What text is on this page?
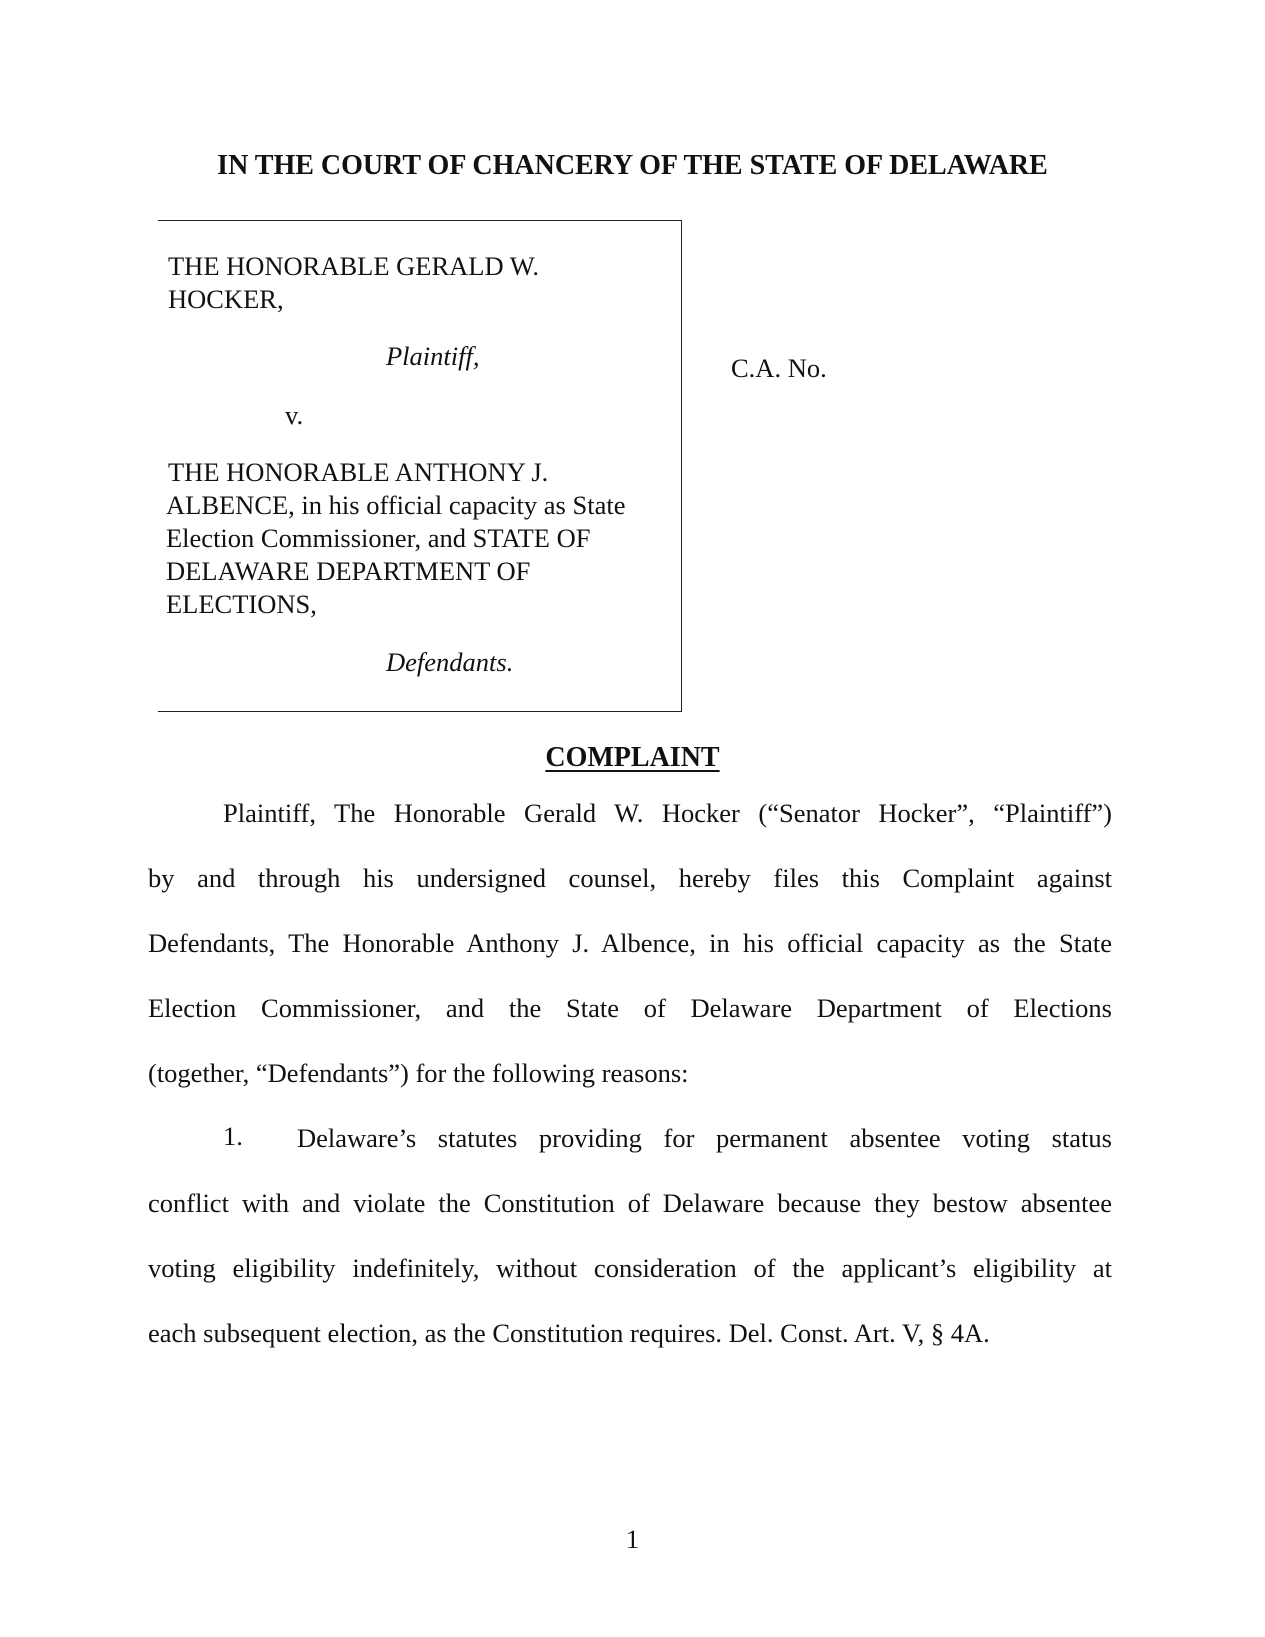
IN THE COURT OF CHANCERY OF THE STATE OF DELAWARE
THE HONORABLE GERALD W.
HOCKER,
Plaintiff,
v.
THE HONORABLE ANTHONY J.
ALBENCE, in his official capacity as State
Election Commissioner, and STATE OF
DELAWARE DEPARTMENT OF
ELECTIONS,
Defendants.
C.A. No.
COMPLAINT
Plaintiff, The Honorable Gerald W. Hocker (“Senator Hocker”, “Plaintiff”)
by and through his undersigned counsel, hereby files this Complaint against
Defendants, The Honorable Anthony J. Albence, in his official capacity as the State
Election Commissioner, and the State of Delaware Department of Elections
(together, “Defendants”) for the following reasons:
1. Delaware’s statutes providing for permanent absentee voting status
conflict with and violate the Constitution of Delaware because they bestow absentee
voting eligibility indefinitely, without consideration of the applicant’s eligibility at
each subsequent election, as the Constitution requires. Del. Const. Art. V, § 4A.
1
